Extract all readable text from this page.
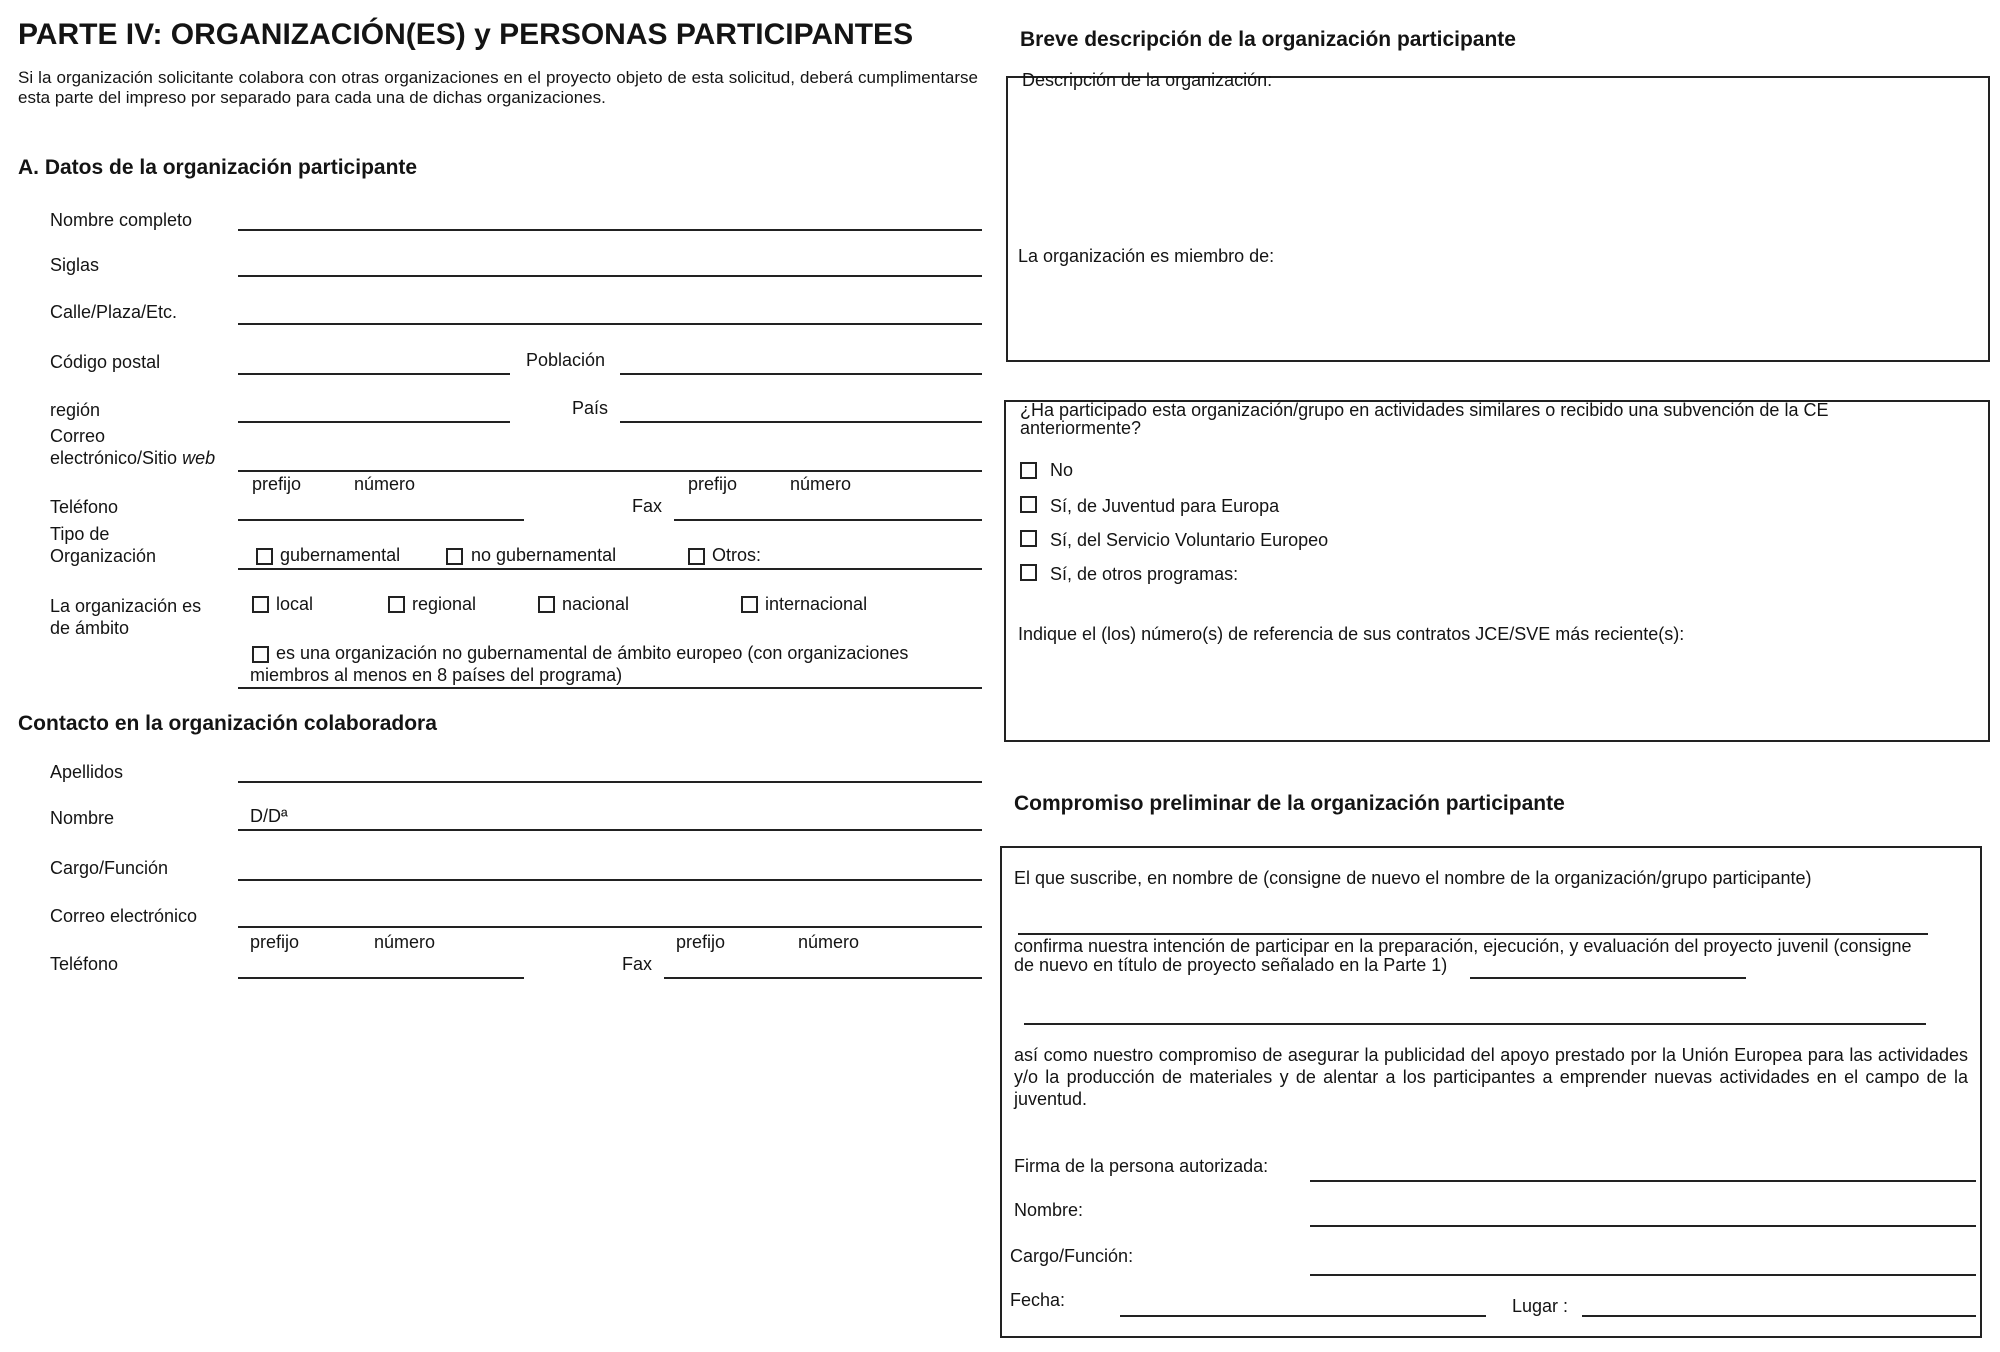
PARTE IV: ORGANIZACIÓN(ES) y PERSONAS PARTICIPANTES
Si la organización solicitante colabora con otras organizaciones en el proyecto objeto de esta solicitud, deberá cumplimentarse esta parte del impreso por separado para cada una de dichas organizaciones.
A. Datos de la organización participante
Nombre completo
Siglas
Calle/Plaza/Etc.
Código postal	Población
región	País
Correo
electrónico/Sitio web
prefijo	número	prefijo	número
Teléfono	Fax
Tipo de
Organización	gubernamental	no gubernamental	Otros:
La organización es
de ámbito
local	regional	nacional	internacional
es una organización no gubernamental de ámbito europeo (con organizaciones
miembros al menos en 8 países del programa)
Contacto en la organización colaboradora
Apellidos
Nombre	D/Dª
Cargo/Función
Correo electrónico
prefijo	número	prefijo	número
Teléfono	Fax
Breve descripción de la organización participante
Descripción de la organización:
La organización es miembro de:
¿Ha participado esta organización/grupo en actividades similares o recibido una subvención de la CE
anteriormente?
No
Sí, de Juventud para Europa
Sí, del Servicio Voluntario Europeo
Sí, de otros programas:
Indique el (los) número(s) de referencia de sus contratos JCE/SVE más reciente(s):
Compromiso preliminar de la organización participante
El que suscribe, en nombre de (consigne de nuevo el nombre de la organización/grupo participante)
confirma nuestra intención de participar en la preparación, ejecución, y evaluación del proyecto juvenil (consigne
de nuevo en título de proyecto señalado en la Parte 1)
así como nuestro compromiso de asegurar la publicidad del apoyo prestado por la Unión Europea para las actividades y/o la producción de materiales y de alentar a los participantes a emprender nuevas actividades en el campo de la juventud.
Firma de la persona autorizada:
Nombre:
Cargo/Función:
Fecha:	Lugar :
